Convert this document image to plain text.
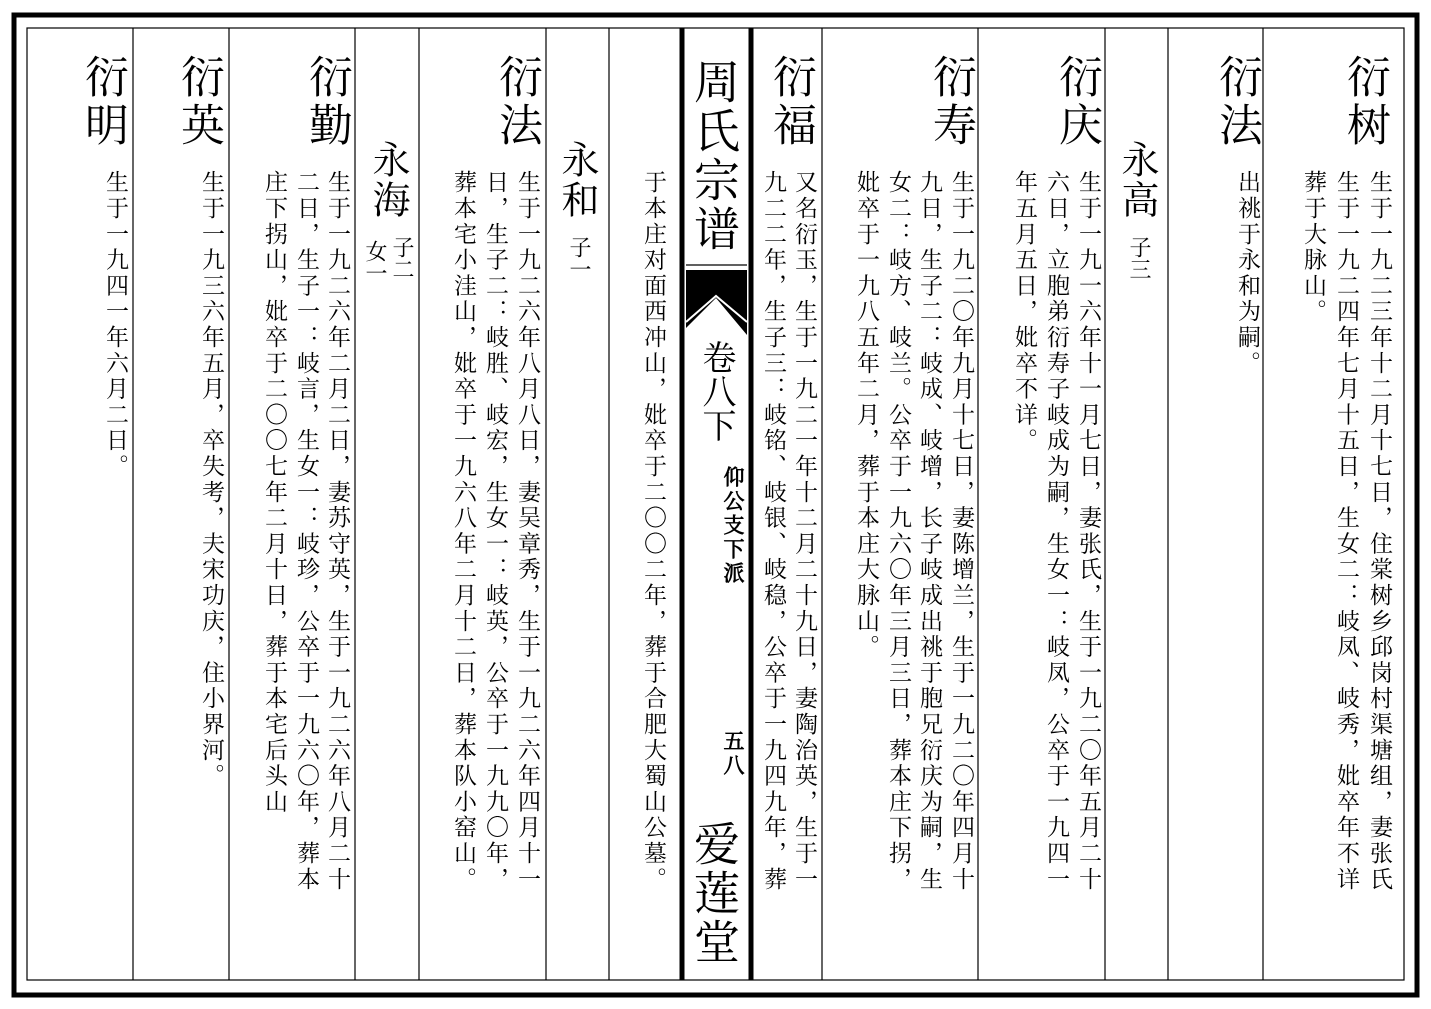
周氏宗谱
卷八下
仰公支下派
五八
爱莲堂
衍树
生于一九二三年十二月十七日，住棠树乡邱岗村渠塘组，妻张氏
生于一九二四年七月十五日，生女二：岐凤、岐秀，妣卒年不详
葬于大脉山。
衍法
出祧于永和为嗣。
永高
子三
衍庆
生于一九一六年十一月七日，妻张氏，生于一九二〇年五月二十
六日，立胞弟衍寿子岐成为嗣，生女一：岐凤，公卒于一九四一
年五月五日，妣卒不详。
衍寿
生于一九二〇年九月十七日，妻陈增兰，生于一九二〇年四月十
九日，生子二：岐成、岐增，长子岐成出祧于胞兄衍庆为嗣，生
女二：岐方、岐兰。公卒于一九六〇年三月三日，葬本庄下拐，
妣卒于一九八五年二月，葬于本庄大脉山。
衍福
又名衍玉，生于一九二一年十二月二十九日，妻陶治英，生于一
九二二年，生子三：岐铭、岐银、岐稳，公卒于一九四九年，葬
于本庄对面西冲山，妣卒于二〇〇二年，葬于合肥大蜀山公墓。
永和
子一
衍法
生于一九二六年八月八日，妻吴章秀，生于一九二六年四月十一
日，生子二：岐胜、岐宏，生女一：岐英，公卒于一九九〇年，
葬本宅小洼山，妣卒于一九六八年二月十二日，葬本队小窑山。
永海
子二
女一
衍勤
生于一九二六年二月二日，妻苏守英，生于一九二六年八月二十
二日，生子一：岐言，生女一：岐珍，公卒于一九六〇年，葬本
庄下拐山，妣卒于二〇〇七年二月十日，葬于本宅后头山
衍英
生于一九三六年五月，卒失考，夫宋功庆，住小界河。
衍明
生于一九四一年六月二日。
